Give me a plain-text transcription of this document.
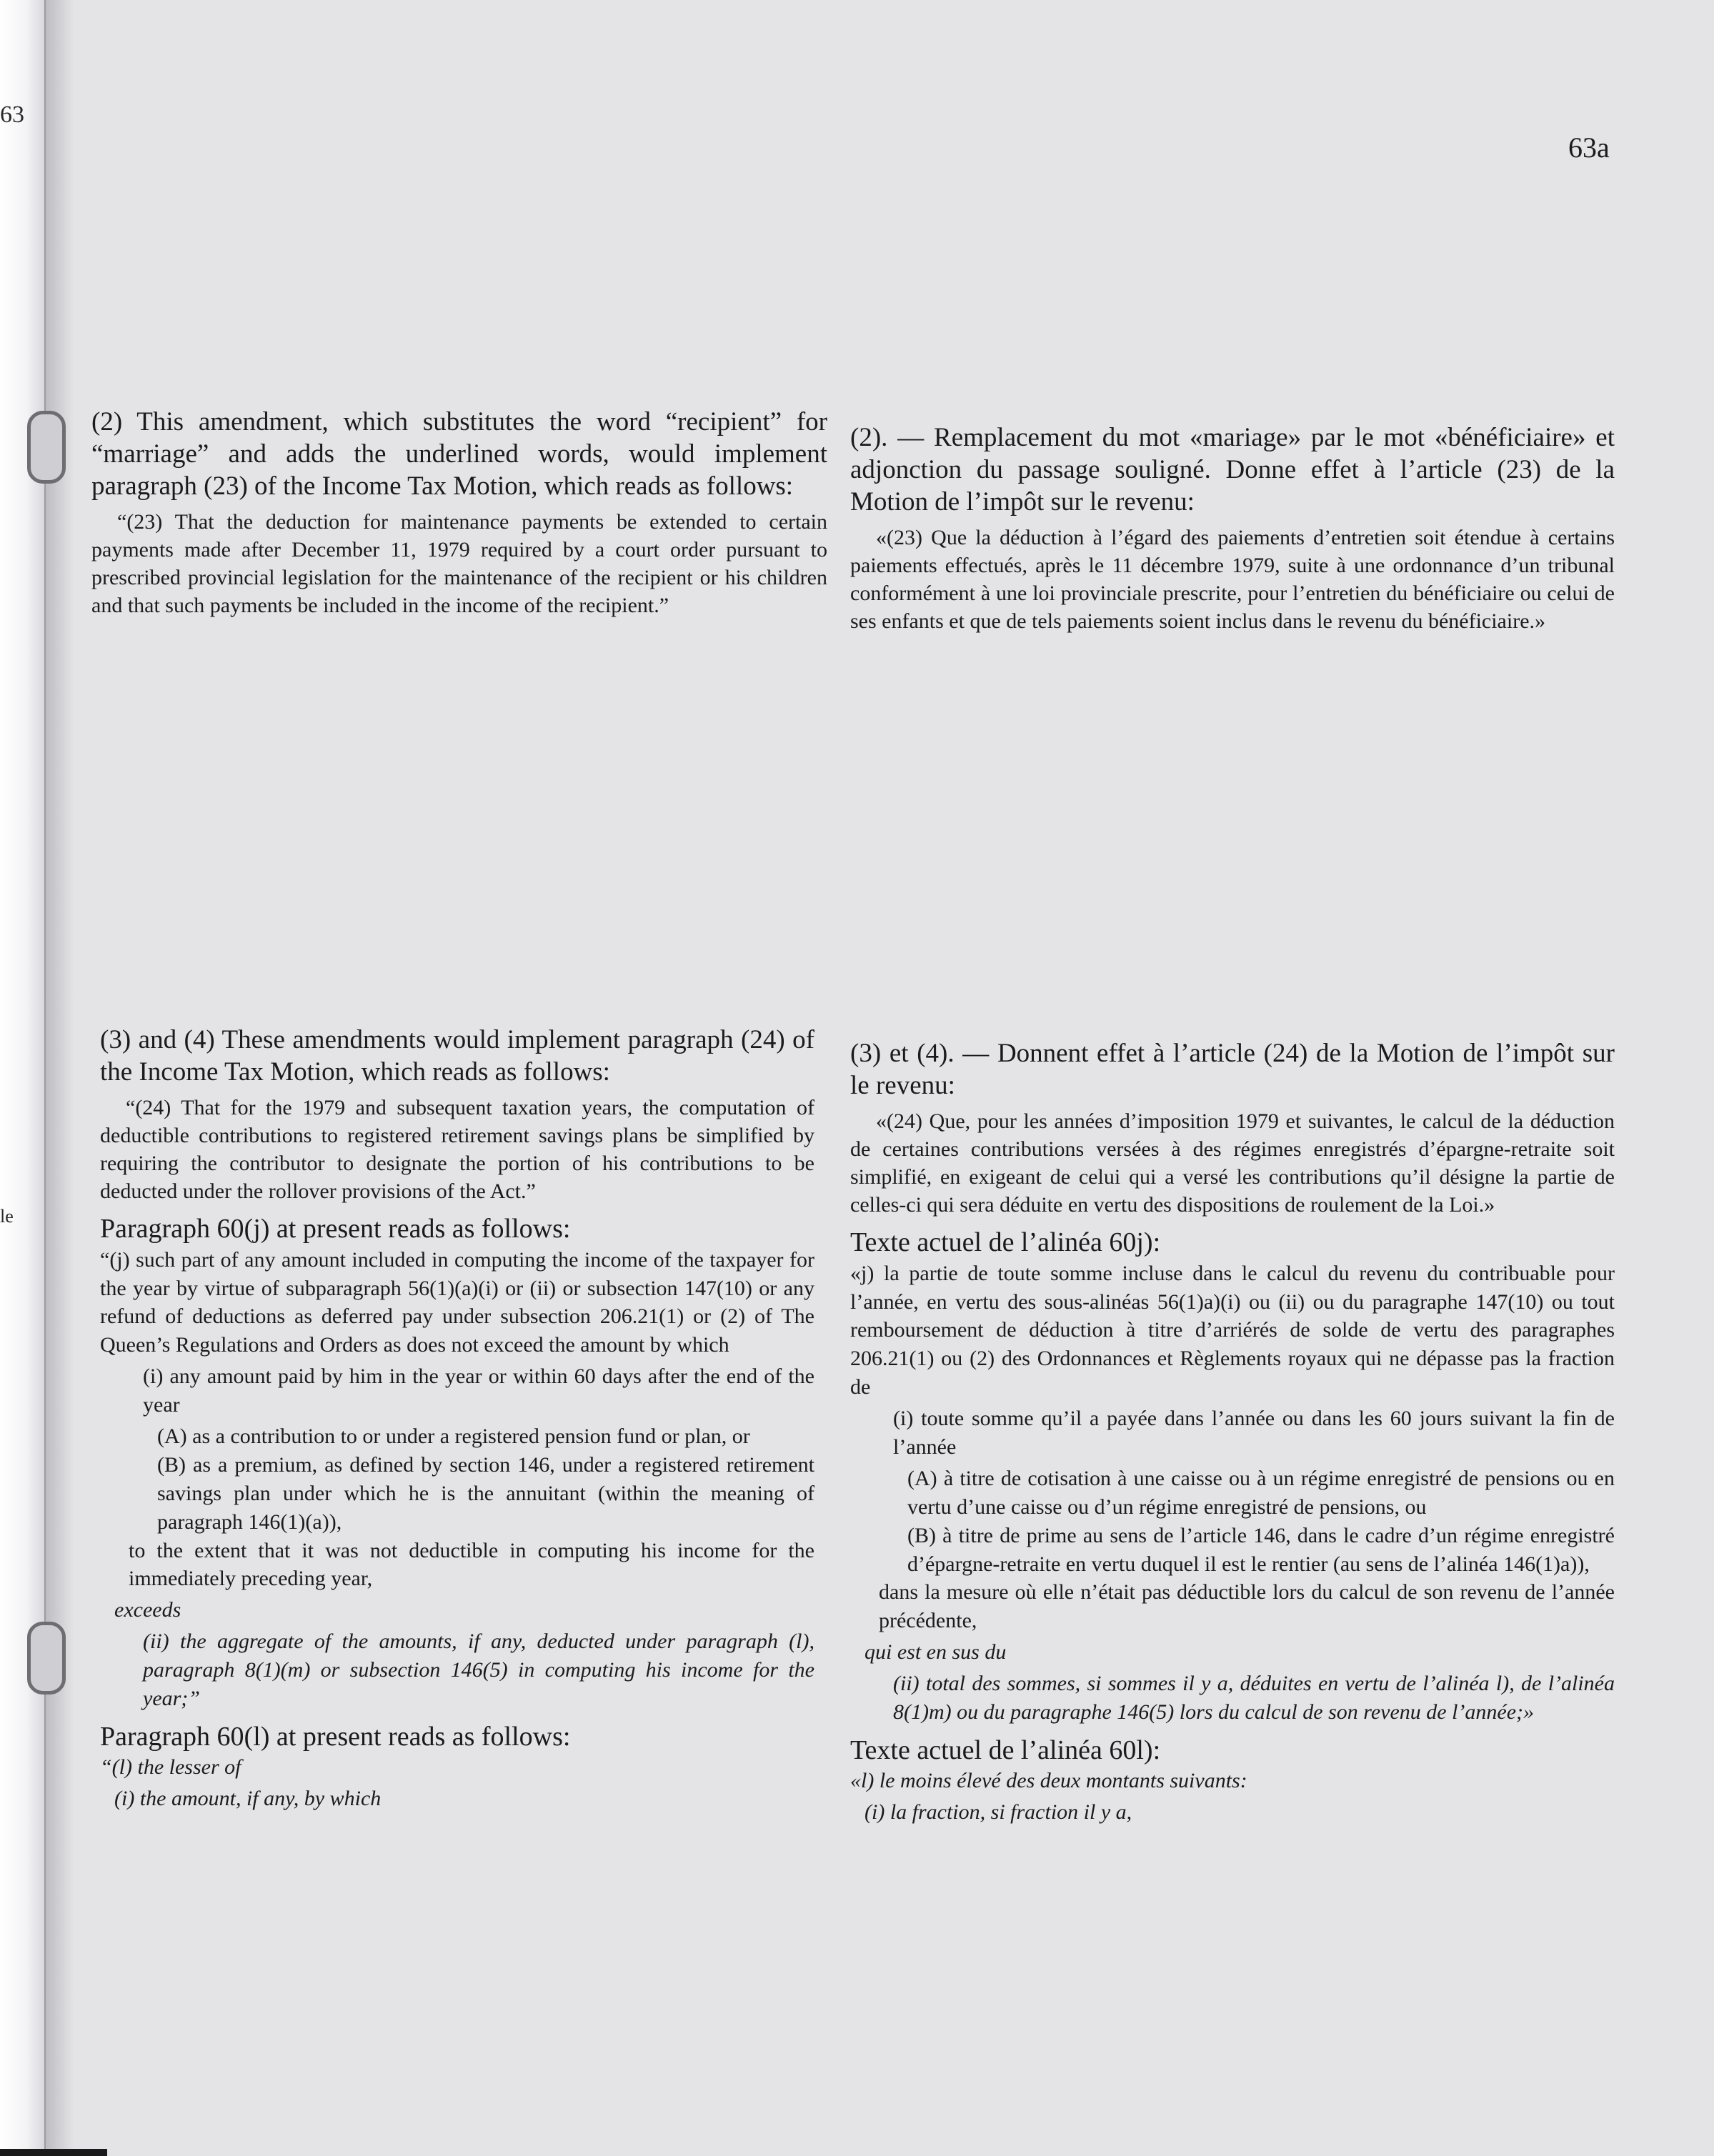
63
le
63a

(2) This amendment, which substitutes the word “recipient” for “marriage” and adds the underlined words, would implement paragraph (23) of the Income Tax Motion, which reads as follows:

“(23) That the deduction for maintenance payments be extended to certain payments made after December 11, 1979 required by a court order pursuant to prescribed provincial legislation for the maintenance of the recipient or his children and that such payments be included in the income of the recipient.”

(2). — Remplacement du mot «mariage» par le mot «bénéficiaire» et adjonction du passage souligné. Donne effet à l’article (23) de la Motion de l’impôt sur le revenu:

«(23) Que la déduction à l’égard des paiements d’entretien soit étendue à certains paiements effectués, après le 11 décembre 1979, suite à une ordonnance d’un tribunal conformément à une loi provinciale prescrite, pour l’entretien du bénéficiaire ou celui de ses enfants et que de tels paiements soient inclus dans le revenu du bénéficiaire.»

(3) and (4) These amendments would implement paragraph (24) of the Income Tax Motion, which reads as follows:

“(24) That for the 1979 and subsequent taxation years, the computation of deductible contributions to registered retirement savings plans be simplified by requiring the contributor to designate the portion of his contributions to be deducted under the rollover provisions of the Act.”

Paragraph 60(j) at present reads as follows:

“(j) such part of any amount included in computing the income of the taxpayer for the year by virtue of subparagraph 56(1)(a)(i) or (ii) or subsection 147(10) or any refund of deductions as deferred pay under subsection 206.21(1) or (2) of The Queen’s Regulations and Orders as does not exceed the amount by which

(i) any amount paid by him in the year or within 60 days after the end of the year

(A) as a contribution to or under a registered pension fund or plan, or

(B) as a premium, as defined by section 146, under a registered retirement savings plan under which he is the annuitant (within the meaning of paragraph 146(1)(a)),

to the extent that it was not deductible in computing his income for the immediately preceding year,

exceeds

(ii) the aggregate of the amounts, if any, deducted under paragraph (l), paragraph 8(1)(m) or subsection 146(5) in computing his income for the year;”

Paragraph 60(l) at present reads as follows:

“(l) the lesser of

(i) the amount, if any, by which

(3) et (4). — Donnent effet à l’article (24) de la Motion de l’impôt sur le revenu:

«(24) Que, pour les années d’imposition 1979 et suivantes, le calcul de la déduction de certaines contributions versées à des régimes enregistrés d’épargne-retraite soit simplifié, en exigeant de celui qui a versé les contributions qu’il désigne la partie de celles-ci qui sera déduite en vertu des dispositions de roulement de la Loi.»

Texte actuel de l’alinéa 60j):

«j) la partie de toute somme incluse dans le calcul du revenu du contribuable pour l’année, en vertu des sous-alinéas 56(1)a)(i) ou (ii) ou du paragraphe 147(10) ou tout remboursement de déduction à titre d’arriérés de solde de vertu des paragraphes 206.21(1) ou (2) des Ordonnances et Règlements royaux qui ne dépasse pas la fraction de

(i) toute somme qu’il a payée dans l’année ou dans les 60 jours suivant la fin de l’année

(A) à titre de cotisation à une caisse ou à un régime enregistré de pensions ou en vertu d’une caisse ou d’un régime enregistré de pensions, ou

(B) à titre de prime au sens de l’article 146, dans le cadre d’un régime enregistré d’épargne-retraite en vertu duquel il est le rentier (au sens de l’alinéa 146(1)a)),

dans la mesure où elle n’était pas déductible lors du calcul de son revenu de l’année précédente,

qui est en sus du

(ii) total des sommes, si sommes il y a, déduites en vertu de l’alinéa l), de l’alinéa 8(1)m) ou du paragraphe 146(5) lors du calcul de son revenu de l’année;»

Texte actuel de l’alinéa 60l):

«l) le moins élevé des deux montants suivants:

(i) la fraction, si fraction il y a,
